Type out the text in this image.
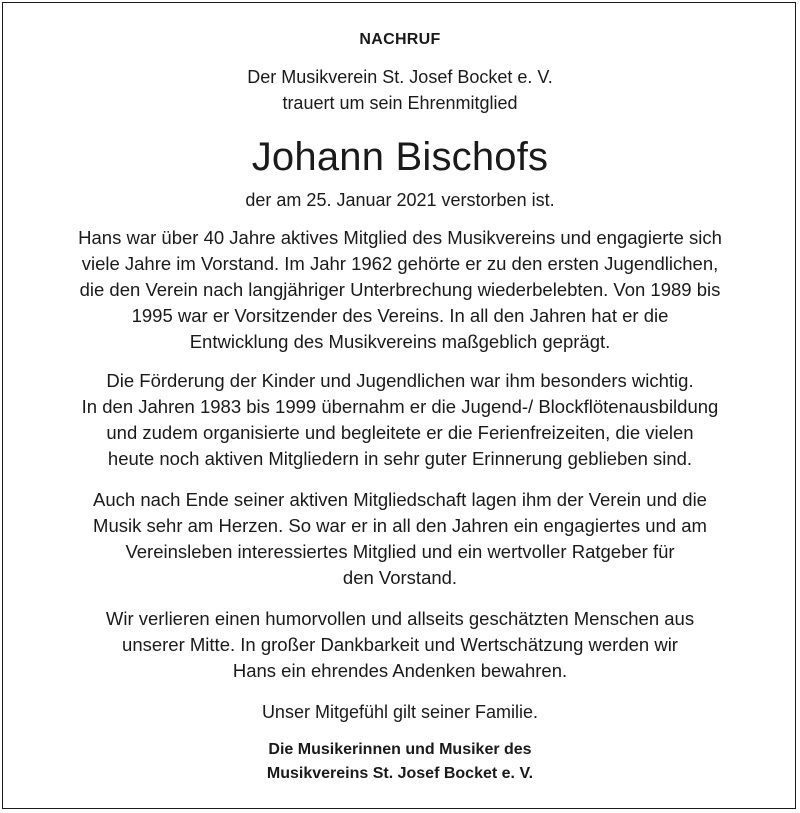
NACHRUF
Der Musikverein St. Josef Bocket e. V.
trauert um sein Ehrenmitglied
Johann Bischofs
der am 25. Januar 2021 verstorben ist.
Hans war über 40 Jahre aktives Mitglied des Musikvereins und engagierte sich
viele Jahre im Vorstand. Im Jahr 1962 gehörte er zu den ersten Jugendlichen,
die den Verein nach langjähriger Unterbrechung wiederbelebten. Von 1989 bis
1995 war er Vorsitzender des Vereins. In all den Jahren hat er die
Entwicklung des Musikvereins maßgeblich geprägt.
Die Förderung der Kinder und Jugendlichen war ihm besonders wichtig.
In den Jahren 1983 bis 1999 übernahm er die Jugend-/ Blockflötenausbildung
und zudem organisierte und begleitete er die Ferienfreizeiten, die vielen
heute noch aktiven Mitgliedern in sehr guter Erinnerung geblieben sind.
Auch nach Ende seiner aktiven Mitgliedschaft lagen ihm der Verein und die
Musik sehr am Herzen. So war er in all den Jahren ein engagiertes und am
Vereinsleben interessiertes Mitglied und ein wertvoller Ratgeber für
den Vorstand.
Wir verlieren einen humorvollen und allseits geschätzten Menschen aus
unserer Mitte. In großer Dankbarkeit und Wertschätzung werden wir
Hans ein ehrendes Andenken bewahren.
Unser Mitgefühl gilt seiner Familie.
Die Musikerinnen und Musiker des
Musikvereins St. Josef Bocket e. V.
